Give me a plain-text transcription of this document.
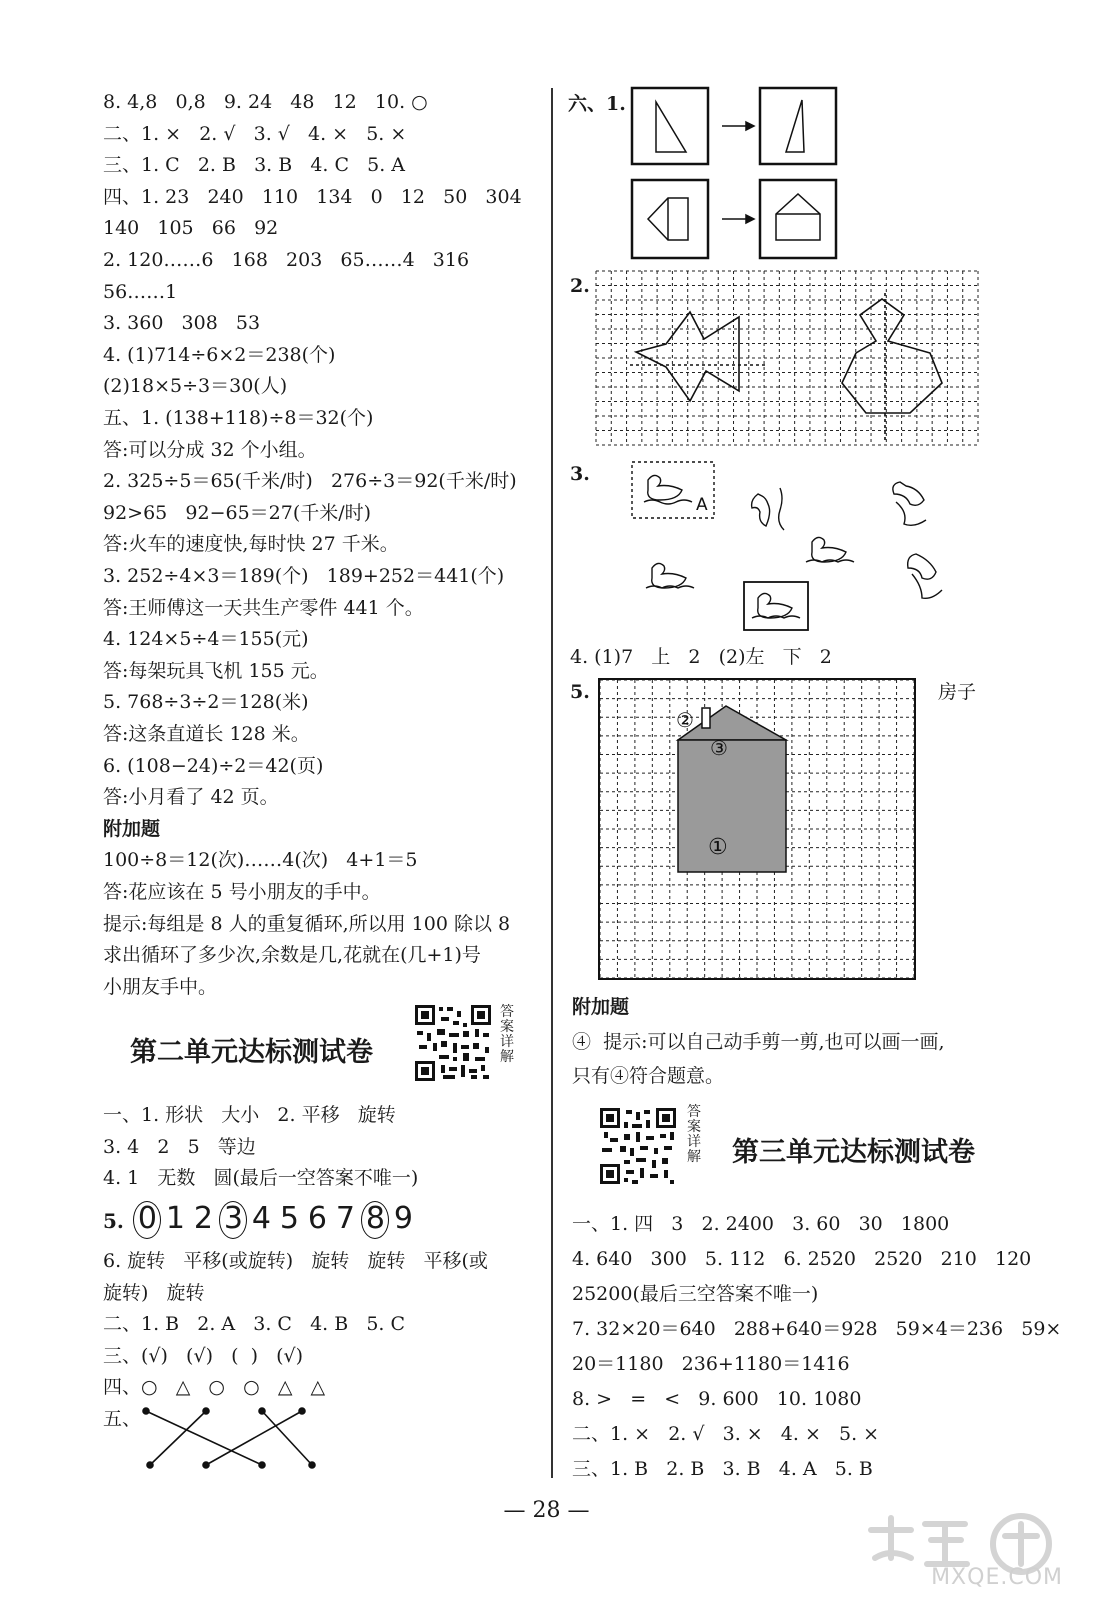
8. 4,8   0,8   9. 24   48   12   10. ○
二、1. ×   2. √   3. √   4. ×   5. ×
三、1. C   2. B   3. B   4. C   5. A
四、1. 23   240   110   134   0   12   50   304
140   105   66   92
2. 120……6   168   203   65……4   316
56……1
3. 360   308   53
4. (1)714÷6×2＝238(个)
(2)18×5÷3＝30(人)
五、1. (138+118)÷8＝32(个)
答:可以分成 32 个小组。
2. 325÷5＝65(千米/时)   276÷3＝92(千米/时)
92>65   92−65＝27(千米/时)
答:火车的速度快,每时快 27 千米。
3. 252÷4×3＝189(个)   189+252＝441(个)
答:王师傅这一天共生产零件 441 个。
4. 124×5÷4＝155(元)
答:每架玩具飞机 155 元。
5. 768÷3÷2＝128(米)
答:这条直道长 128 米。
6. (108−24)÷2＝42(页)
答:小月看了 42 页。
附加题
100÷8＝12(次)……4(次)   4+1＝5
答:花应该在 5 号小朋友的手中。
提示:每组是 8 人的重复循环,所以用 100 除以 8
求出循环了多少次,余数是几,花就在(几+1)号
小朋友手中。
第二单元达标测试卷
答案详解
一、1. 形状   大小   2. 平移   旋转
3. 4   2   5   等边
4. 1   无数   圆(最后一空答案不唯一)
5. 0 1 2 3 4 5 6 7 8 9
6. 旋转   平移(或旋转)   旋转   旋转   平移(或
旋转)   旋转
二、1. B   2. A   3. C   4. B   5. C
三、(√)   (√)   (  )   (√)
四、○   △   ○   ○   △   △
五、
六、1.
2.
3.
A
4. (1)7   上   2   (2)左   下   2
5.	房子
①
②
③
附加题
④  提示:可以自己动手剪一剪,也可以画一画,
只有④符合题意。
答案详解 第三单元达标测试卷
一、1. 四   3   2. 2400   3. 60   30   1800
4. 640   300   5. 112   6. 2520   2520   210   120
25200(最后三空答案不唯一)
7. 32×20＝640   288+640＝928   59×4＝236   59×
20＝1180   236+1180＝1416
8. >   =   <   9. 600   10. 1080
二、1. ×   2. √   3. ×   4. ×   5. ×
三、1. B   2. B   3. B   4. A   5. B
— 28 —
MXQE.COM
